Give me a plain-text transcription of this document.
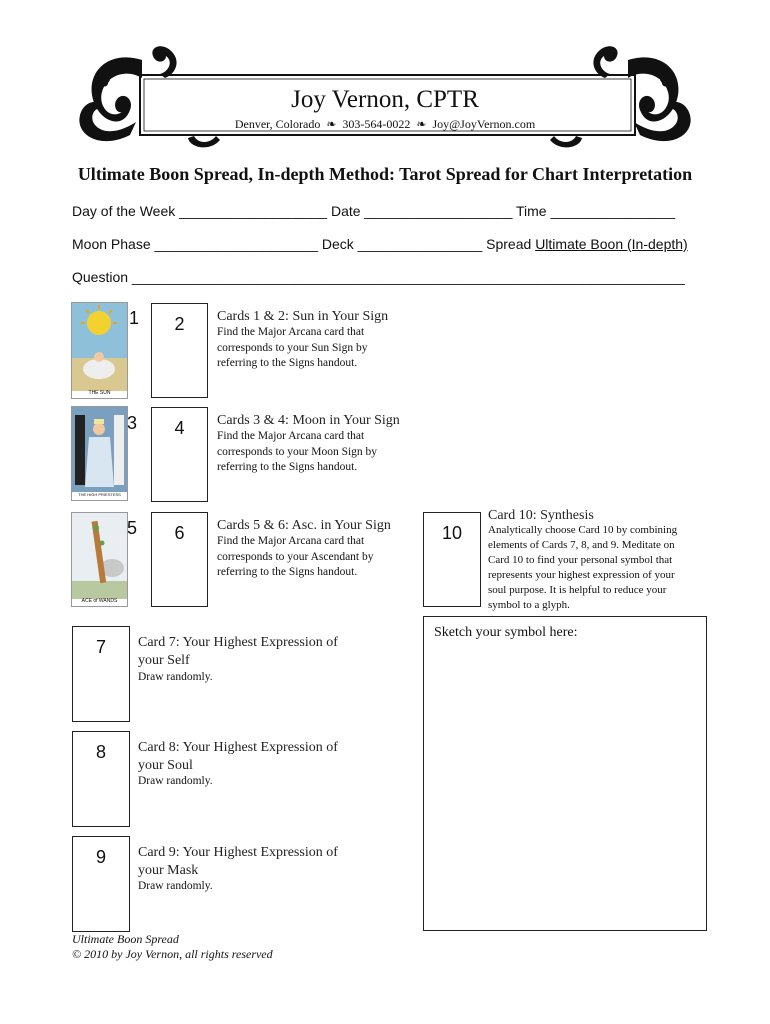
Joy Vernon, CPTR
Denver, Colorado ❧ 303-564-0022 ❧ Joy@JoyVernon.com
Ultimate Boon Spread, In-depth Method: Tarot Spread for Chart Interpretation
Day of the Week ___________________ Date ___________________ Time ________________
Moon Phase _____________________ Deck ________________ Spread Ultimate Boon (In-depth)
Question _______________________________________________________________________
THE SUN
1	2	Cards 1 & 2: Sun in Your Sign
Find the Major Arcana card that corresponds to your Sun Sign by referring to the Signs handout.
THE HIGH PRIESTESS
3	4	Cards 3 & 4: Moon in Your Sign
Find the Major Arcana card that corresponds to your Moon Sign by referring to the Signs handout.
ACE of WANDS
5	6	Cards 5 & 6: Asc. in Your Sign
Find the Major Arcana card that corresponds to your Ascendant by referring to the Signs handout.
10
Card 10: Synthesis
Analytically choose Card 10 by combining elements of Cards 7, 8, and 9. Meditate on Card 10 to find your personal symbol that represents your highest expression of your soul purpose. It is helpful to reduce your symbol to a glyph.
7	Card 7: Your Highest Expression of your Self
Draw randomly.
8	Card 8: Your Highest Expression of your Soul
Draw randomly.
9	Card 9: Your Highest Expression of your Mask
Draw randomly.
Sketch your symbol here:
Ultimate Boon Spread
© 2010 by Joy Vernon, all rights reserved
